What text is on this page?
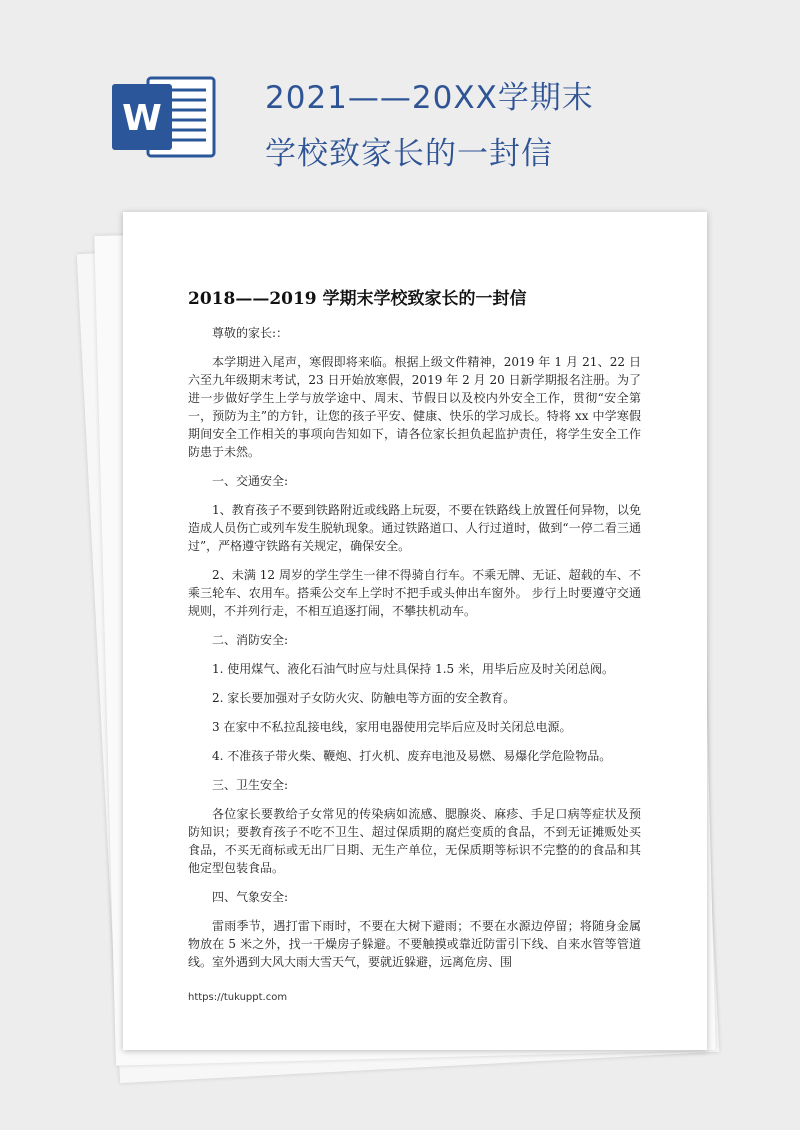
W	2021——20XX学期末
学校致家长的一封信
2018——2019 学期末学校致家长的一封信

尊敬的家长:：

本学期进入尾声，寒假即将来临。根据上级文件精神，2019 年 1 月 21、22 日六至九年级期末考试，23 日开始放寒假，2019 年 2 月 20 日新学期报名注册。为了进一步做好学生上学与放学途中、周末、节假日以及校内外安全工作，贯彻“安全第一，预防为主”的方针，让您的孩子平安、健康、快乐的学习成长。特将 xx 中学寒假期间安全工作相关的事项向告知如下，请各位家长担负起监护责任，将学生安全工作防患于未然。

一、交通安全:

1、教育孩子不要到铁路附近或线路上玩耍，不要在铁路线上放置任何异物，以免造成人员伤亡或列车发生脱轨现象。通过铁路道口、人行过道时，做到“一停二看三通过”，严格遵守铁路有关规定，确保安全。

2、未满 12 周岁的学生学生一律不得骑自行车。不乘无牌、无证、超载的车、不乘三轮车、农用车。搭乘公交车上学时不把手或头伸出车窗外。 步行上时要遵守交通规则，不并列行走，不相互追逐打闹，不攀扶机动车。

二、消防安全:

1. 使用煤气、液化石油气时应与灶具保持 1.5 米，用毕后应及时关闭总阀。

2. 家长要加强对子女防火灾、防触电等方面的安全教育。

3 在家中不私拉乱接电线，家用电器使用完毕后应及时关闭总电源。

4. 不准孩子带火柴、鞭炮、打火机、废弃电池及易燃、易爆化学危险物品。

三、卫生安全:

各位家长要教给子女常见的传染病如流感、腮腺炎、麻疹、手足口病等症状及预防知识；要教育孩子不吃不卫生、超过保质期的腐烂变质的食品，不到无证摊贩处买食品，不买无商标或无出厂日期、无生产单位，无保质期等标识不完整的的食品和其他定型包装食品。

四、气象安全:

雷雨季节，遇打雷下雨时，不要在大树下避雨；不要在水源边停留；将随身金属物放在 5 米之外，找一干燥房子躲避。不要触摸或靠近防雷引下线、自来水管等管道线。室外遇到大风大雨大雪天气，要就近躲避，远离危房、围

https://tukuppt.com
